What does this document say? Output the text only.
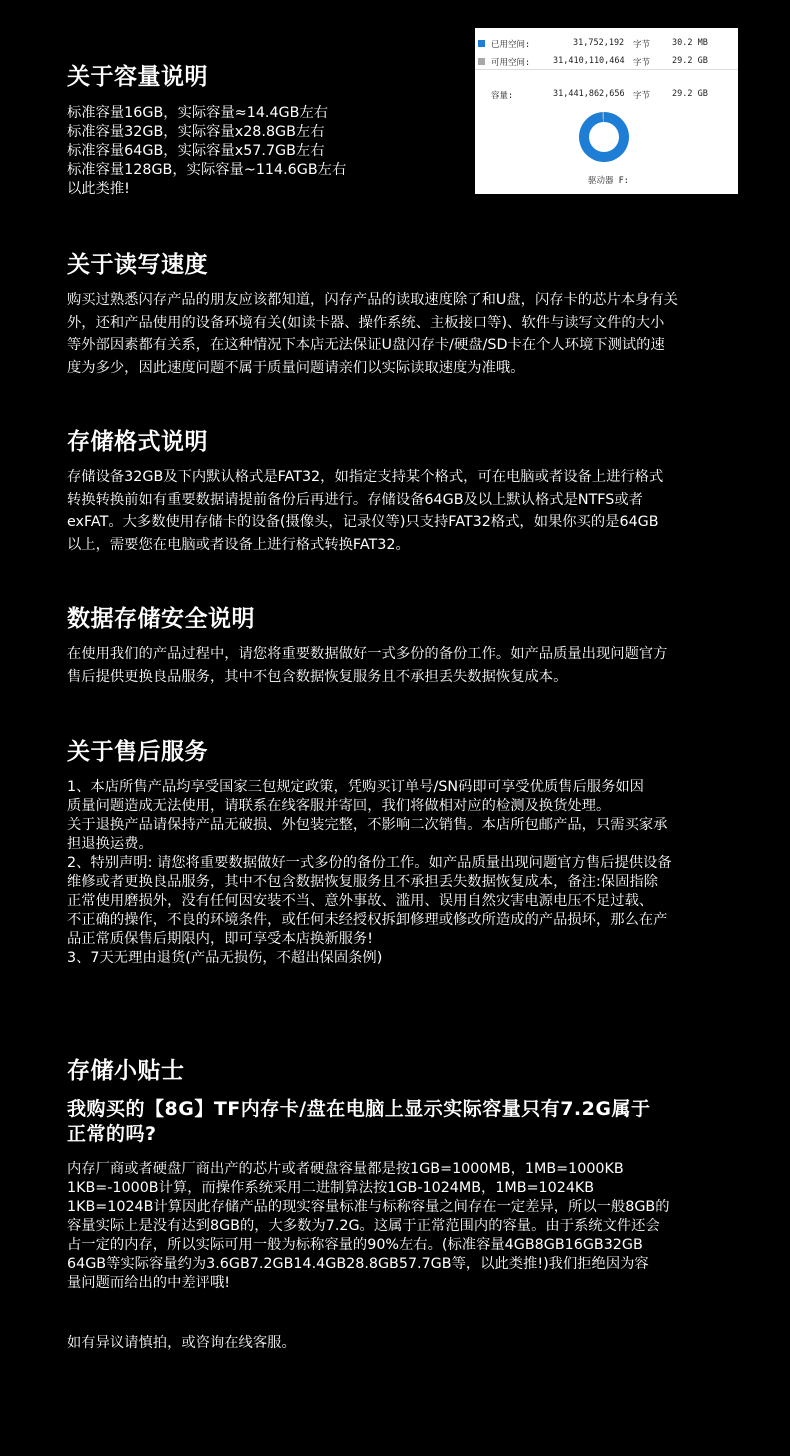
已用空间:	31,752,192 字节	30.2 MB
可用空间:	31,410,110,464 字节	29.2 GB
容量:	31,441,862,656 字节	29.2 GB
驱动器 F:
关于容量说明
标准容量16GB，实际容量≈14.4GB左右
标准容量32GB，实际容量x28.8GB左右
标准容量64GB，实际容量x57.7GB左右
标准容量128GB，实际容量~114.6GB左右
以此类推!
关于读写速度
购买过熟悉闪存产品的朋友应该都知道，闪存产品的读取速度除了和U盘，闪存卡的芯片本身有关
外，还和产品使用的设备环境有关(如读卡器、操作系统、主板接口等)、软件与读写文件的大小
等外部因素都有关系，在这种情况下本店无法保证U盘闪存卡/硬盘/SD卡在个人环境下测试的速
度为多少，因此速度问题不属于质量问题请亲们以实际读取速度为准哦。
存储格式说明
存储设备32GB及下内默认格式是FAT32，如指定支持某个格式，可在电脑或者设备上进行格式
转换转换前如有重要数据请提前备份后再进行。存储设备64GB及以上默认格式是NTFS或者
exFAT。大多数使用存储卡的设备(摄像头，记录仪等)只支持FAT32格式，如果你买的是64GB
以上，需要您在电脑或者设备上进行格式转换FAT32。
数据存储安全说明
在使用我们的产品过程中，请您将重要数据做好一式多份的备份工作。如产品质量出现问题官方
售后提供更换良品服务，其中不包含数据恢复服务且不承担丢失数据恢复成本。
关于售后服务
1、本店所售产品均享受国家三包规定政策，凭购买订单号/SN码即可享受优质售后服务如因
质量问题造成无法使用，请联系在线客服并寄回，我们将做相对应的检测及换货处理。
关于退换产品请保持产品无破损、外包装完整，不影响二次销售。本店所包邮产品，只需买家承
担退换运费。
2、特别声明: 请您将重要数据做好一式多份的备份工作。如产品质量出现问题官方售后提供设备
维修或者更换良品服务，其中不包含数据恢复服务且不承担丢失数据恢复成本，备注:保固指除
正常使用磨损外，没有任何因安装不当、意外事故、滥用、误用自然灾害电源电压不足过载、
不正确的操作，不良的环境条件，或任何未经授权拆卸修理或修改所造成的产品损坏，那么在产
品正常质保售后期限内，即可享受本店换新服务!
3、7天无理由退货(产品无损伤，不超出保固条例)
存储小贴士
我购买的【8G】TF内存卡/盘在电脑上显示实际容量只有7.2G属于正常的吗?
内存厂商或者硬盘厂商出产的芯片或者硬盘容量都是按1GB=1000MB，1MB=1000KB
1KB=-1000B计算，而操作系统采用二进制算法按1GB-1024MB，1MB=1024KB
1KB=1024B计算因此存储产品的现实容量标准与标称容量之间存在一定差异，所以一般8GB的
容量实际上是没有达到8GB的，大多数为7.2G。这属于正常范围内的容量。由于系统文件还会
占一定的内存，所以实际可用一般为标称容量的90%左右。(标准容量4GB8GB16GB32GB
64GB等实际容量约为3.6GB7.2GB14.4GB28.8GB57.7GB等，以此类推!)我们拒绝因为容
量问题而给出的中差评哦!
如有异议请慎拍，或咨询在线客服。
